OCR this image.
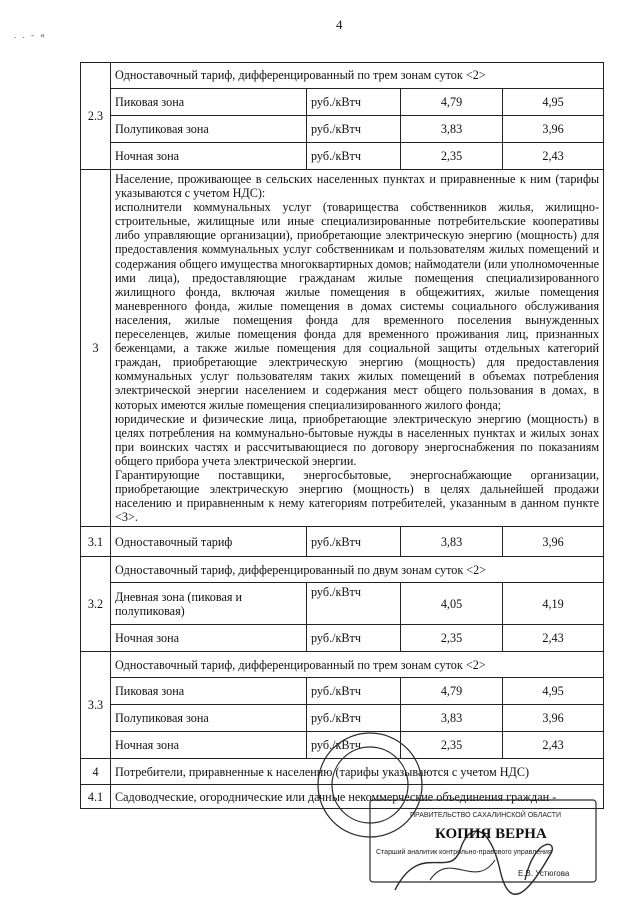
4
. . - «
2.3	Одноставочный тариф, дифференцированный по трем зонам суток <2>			
	Пиковая зона	руб./кВтч	4,79	4,95
	Полупиковая зона	руб./кВтч	3,83	3,96
	Ночная зона	руб./кВтч	2,35	2,43
3	Население, проживающее в сельских населенных пунктах и приравненные к ним (тарифы указываются с учетом НДС):

исполнители коммунальных услуг (товарищества собственников жилья, жилищно-строительные, жилищные или иные специализированные потребительские кооперативы либо управляющие организации), приобретающие электрическую энергию (мощность) для предоставления коммунальных услуг собственникам и пользователям жилых помещений и содержания общего имущества многоквартирных домов; наймодатели (или уполномоченные ими лица), предоставляющие гражданам жилые помещения специализированного жилищного фонда, включая жилые помещения в общежитиях, жилые помещения маневренного фонда, жилые помещения в домах системы социального обслуживания населения, жилые помещения фонда для временного поселения вынужденных переселенцев, жилые помещения фонда для временного проживания лиц, признанных беженцами, а также жилые помещения для социальной защиты отдельных категорий граждан, приобретающие электрическую энергию (мощность) для предоставления коммунальных услуг пользователям таких жилых помещений в объемах потребления электрической энергии населением и содержания мест общего пользования в домах, в которых имеются жилые помещения специализированного жилого фонда;

юридические и физические лица, приобретающие электрическую энергию (мощность) в целях потребления на коммунально-бытовые нужды в населенных пунктах и жилых зонах при воинских частях и рассчитывающиеся по договору энергоснабжения по показаниям общего прибора учета электрической энергии.

Гарантирующие поставщики, энергосбытовые, энергоснабжающие организации, приобретающие электрическую энергию (мощность) в целях дальнейшей продажи населению и приравненным к нему категориям потребителей, указанным в данном пункте <3>.			

3.1	Одноставочный тариф	руб./кВтч	3,83	3,96
3.2	Одноставочный тариф, дифференцированный по двум зонам суток <2>			
	Дневная зона (пиковая и полупиковая)	руб./кВтч	4,05	4,19
	Ночная зона	руб./кВтч	2,35	2,43
3.3	Одноставочный тариф, дифференцированный по трем зонам суток <2>			
	Пиковая зона	руб./кВтч	4,79	4,95
	Полупиковая зона	руб./кВтч	3,83	3,96
	Ночная зона	руб./кВтч	2,35	2,43
4	Потребители, приравненные к населению (тарифы указываются с учетом НДС)			
4.1	Садоводческие, огороднические или дачные некоммерческие объединения граждан -			
ПРАВИТЕЛЬСТВО САХАЛИНСКОЙ ОБЛАСТИ
КОПИЯ ВЕРНА
Старший аналитик контрольно-правового управления
Е.В. Устюгова
